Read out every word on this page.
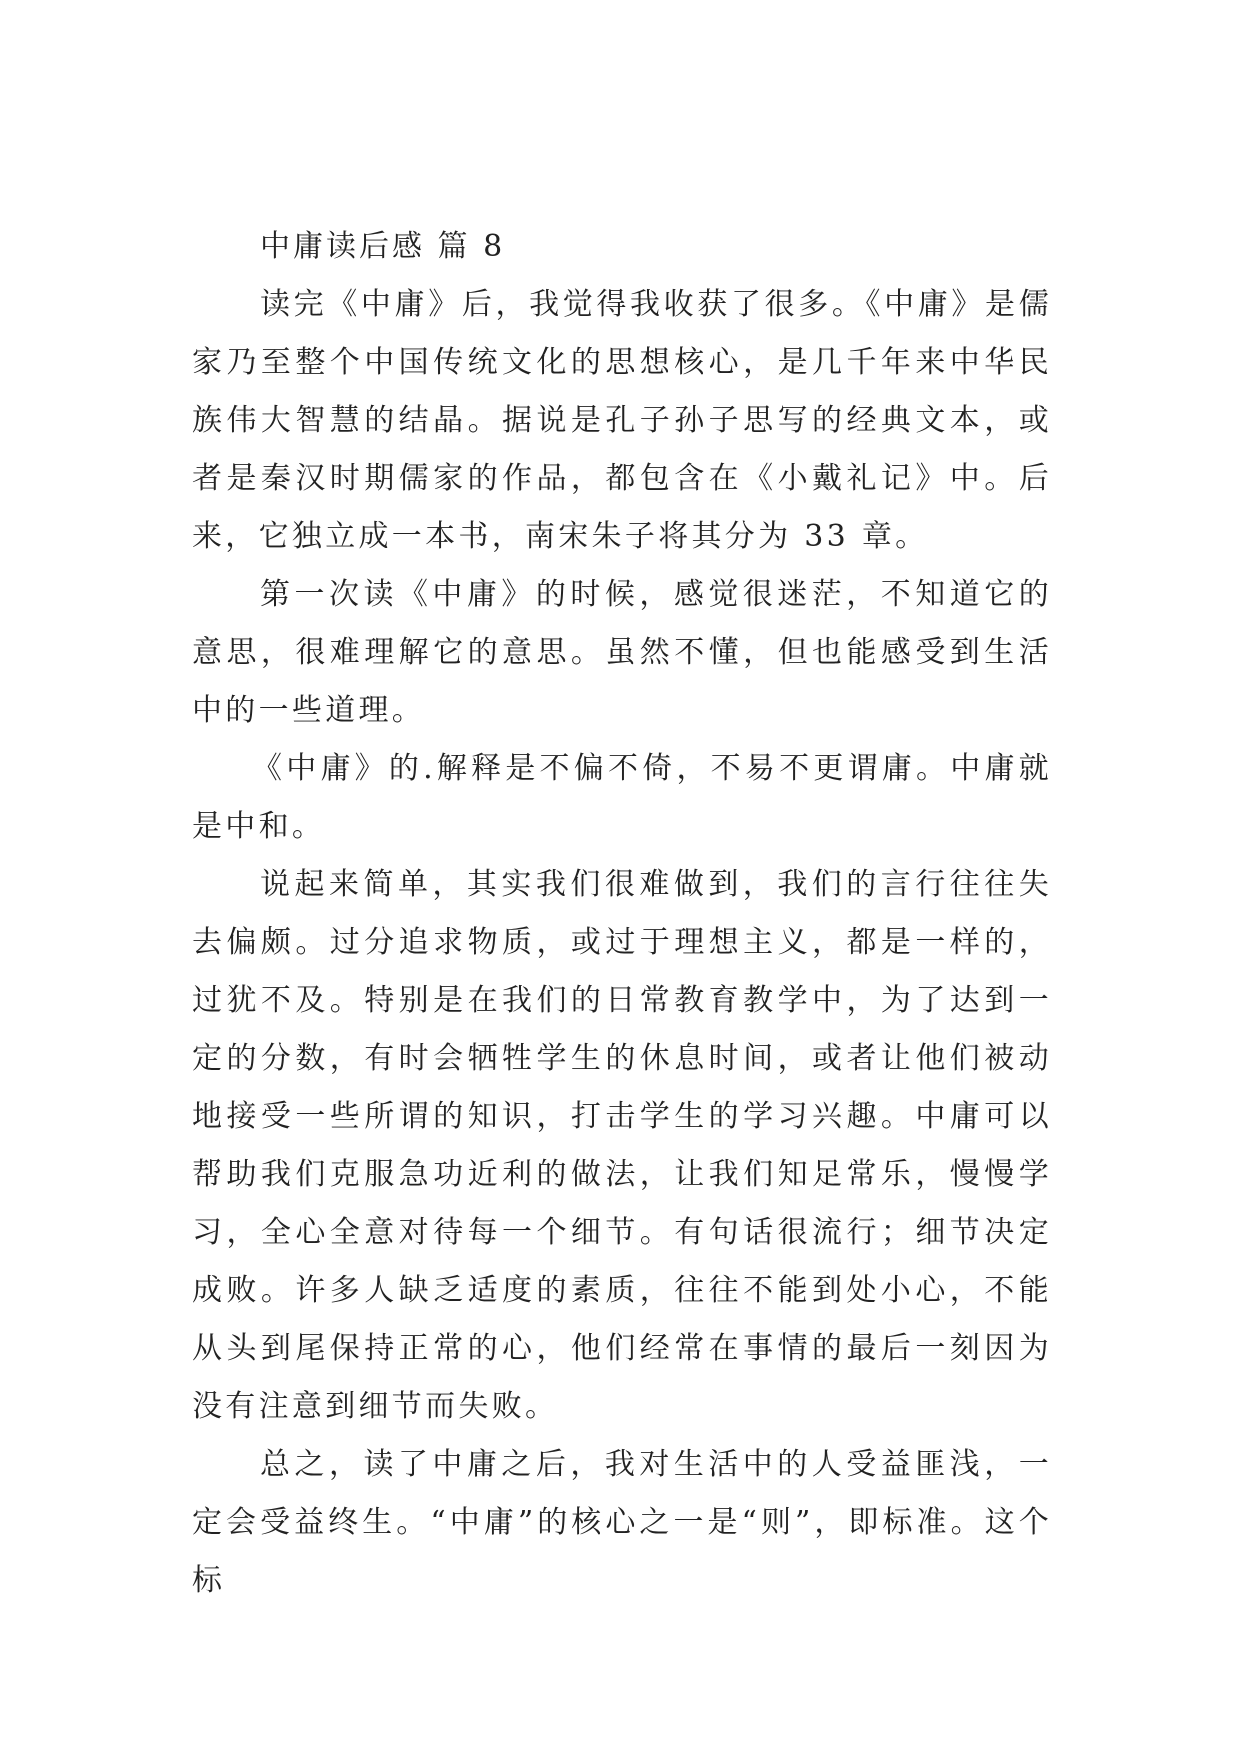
中庸读后感 篇 8

读完《中庸》后，我觉得我收获了很多。《中庸》是儒家乃至整个中国传统文化的思想核心，是几千年来中华民族伟大智慧的结晶。据说是孔子孙子思写的经典文本，或者是秦汉时期儒家的作品，都包含在《小戴礼记》中。后来，它独立成一本书，南宋朱子将其分为 33 章。

第一次读《中庸》的时候，感觉很迷茫，不知道它的意思，很难理解它的意思。虽然不懂，但也能感受到生活中的一些道理。

《中庸》的.解释是不偏不倚，不易不更谓庸。中庸就是中和。

说起来简单，其实我们很难做到，我们的言行往往失去偏颇。过分追求物质，或过于理想主义，都是一样的，过犹不及。特别是在我们的日常教育教学中，为了达到一定的分数，有时会牺牲学生的休息时间，或者让他们被动地接受一些所谓的知识，打击学生的学习兴趣。中庸可以帮助我们克服急功近利的做法，让我们知足常乐，慢慢学习，全心全意对待每一个细节。有句话很流行；细节决定成败。许多人缺乏适度的素质，往往不能到处小心，不能从头到尾保持正常的心，他们经常在事情的最后一刻因为没有注意到细节而失败。

总之，读了中庸之后，我对生活中的人受益匪浅，一定会受益终生。“中庸”的核心之一是“则”，即标准。这个标
